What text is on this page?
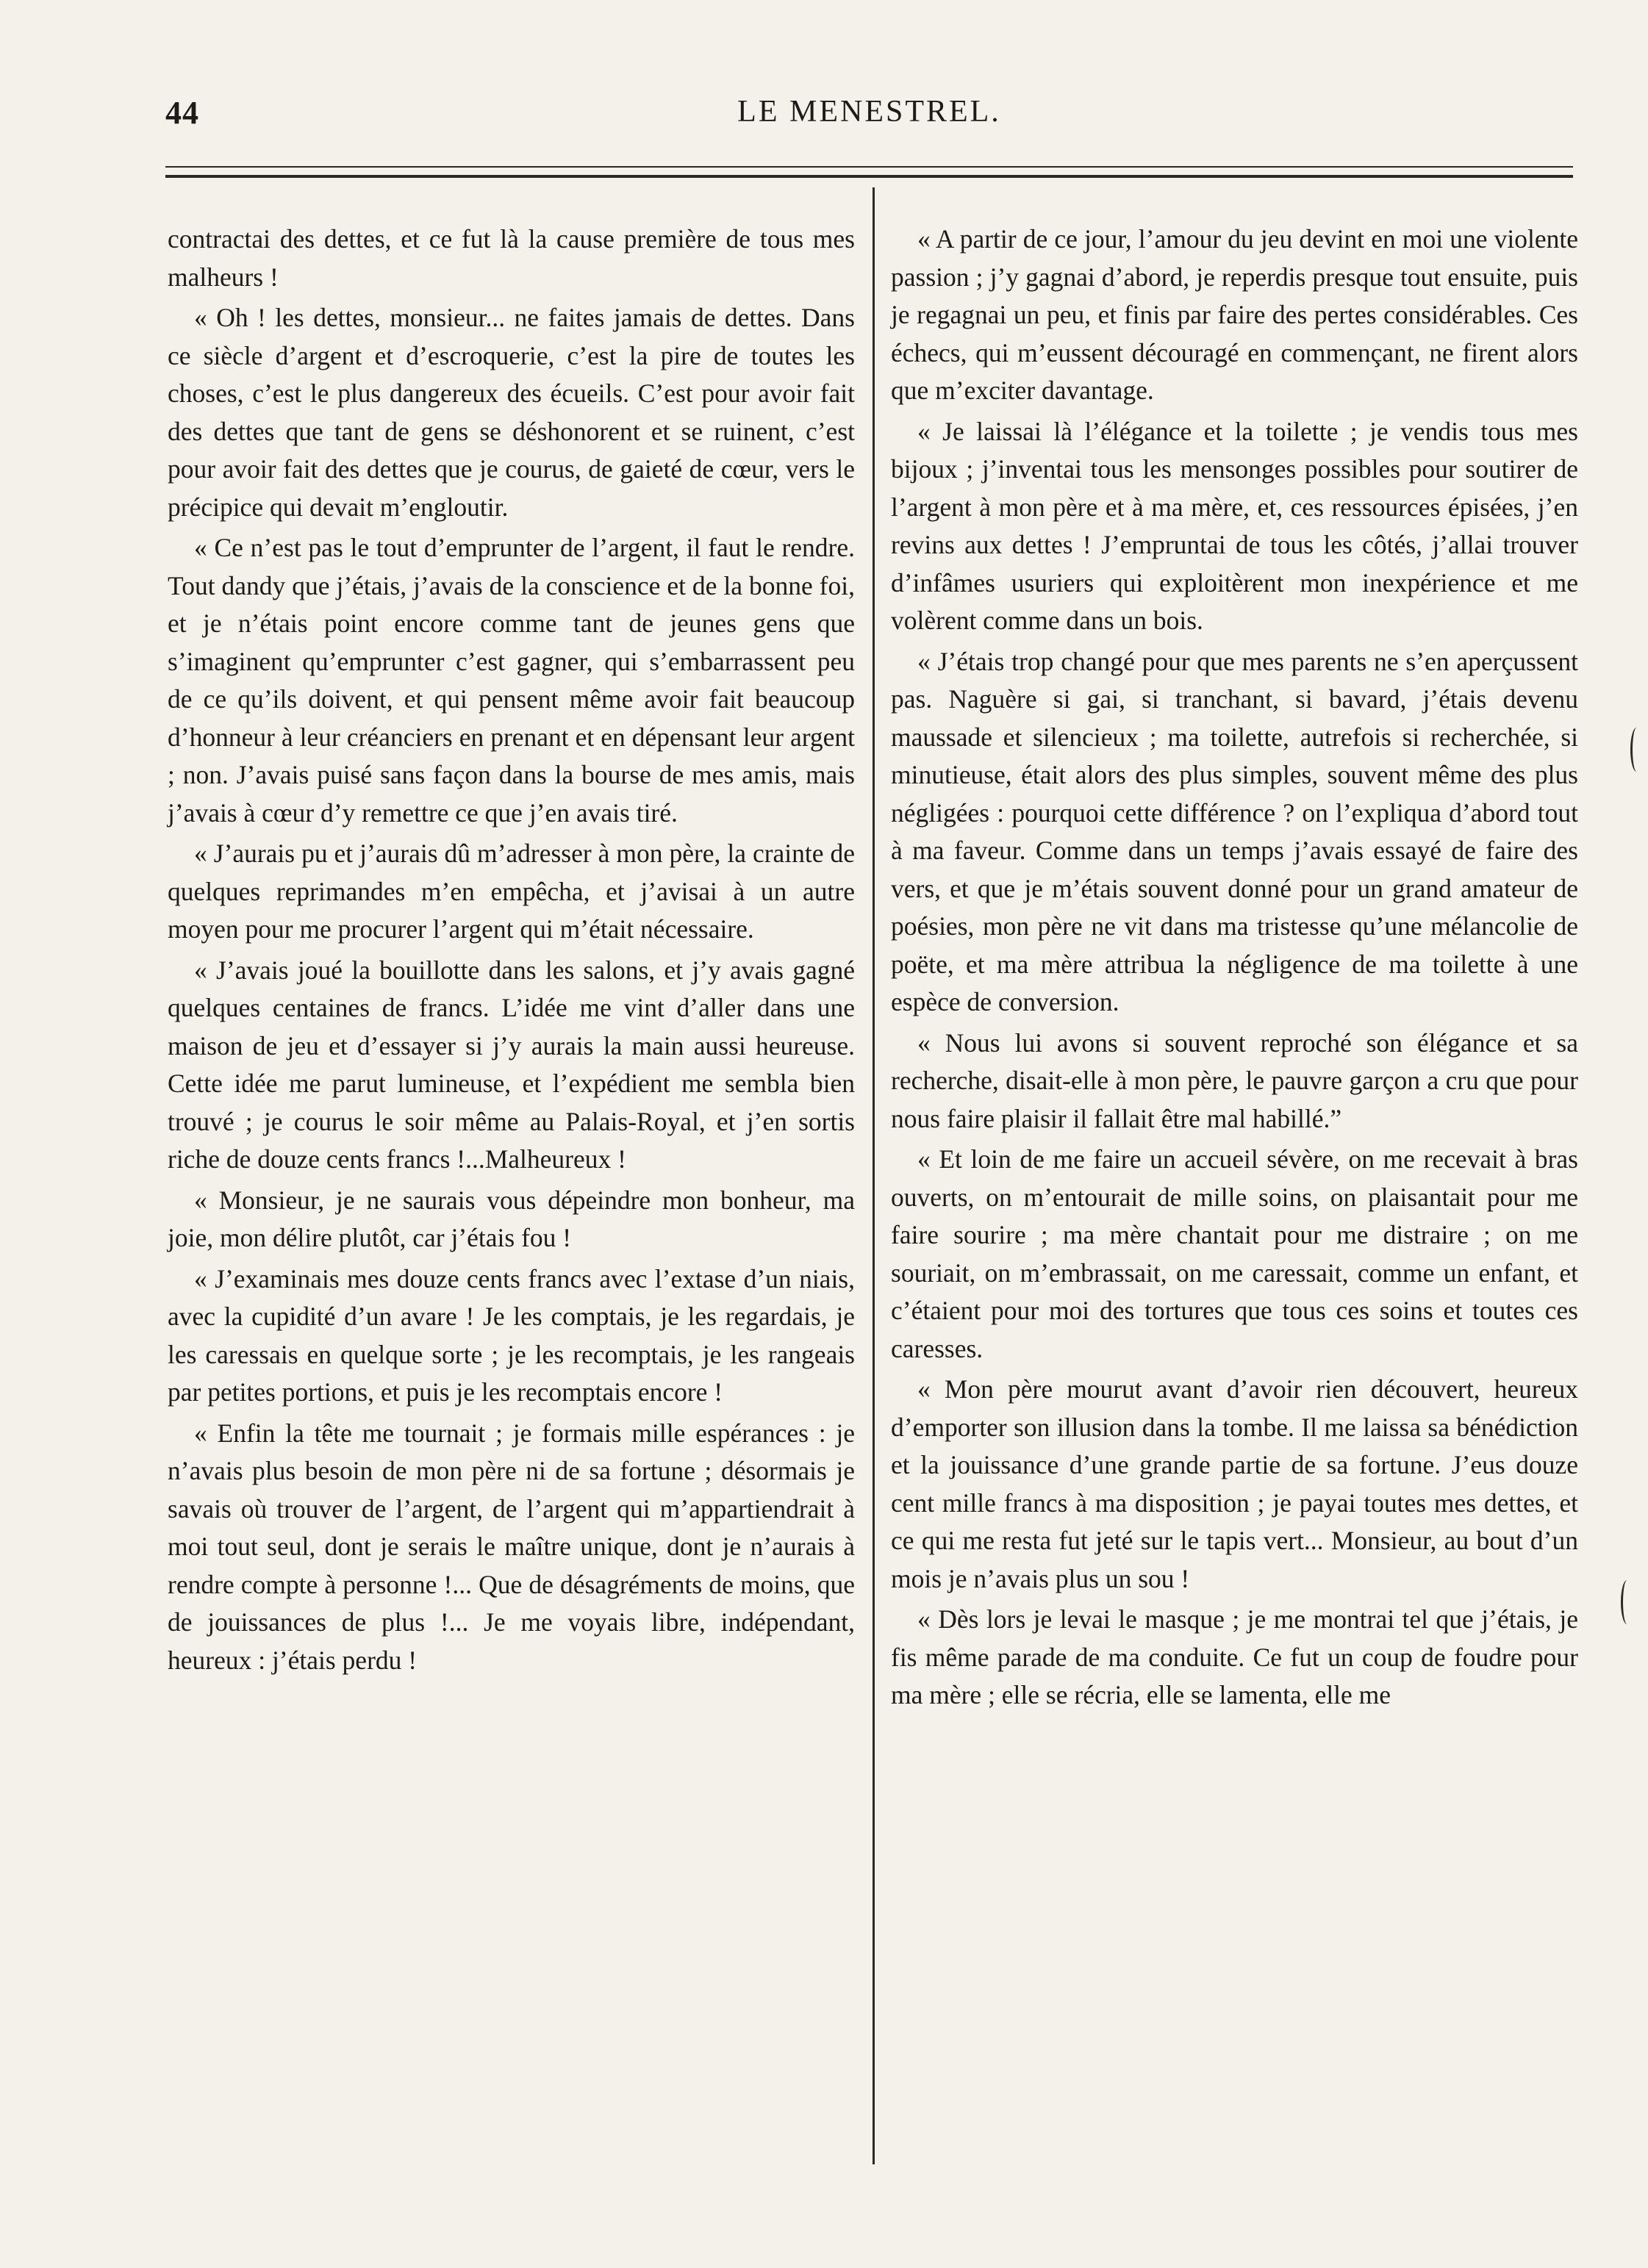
44	LE MENESTREL.

contractai des dettes, et ce fut là la cause première de tous mes malheurs !

« Oh ! les dettes, monsieur... ne faites jamais de dettes. Dans ce siècle d’argent et d’escroquerie, c’est la pire de toutes les choses, c’est le plus dangereux des écueils. C’est pour avoir fait des dettes que tant de gens se déshonorent et se ruinent, c’est pour avoir fait des dettes que je courus, de gaieté de cœur, vers le précipice qui devait m’engloutir.

« Ce n’est pas le tout d’emprunter de l’argent, il faut le rendre. Tout dandy que j’étais, j’avais de la conscience et de la bonne foi, et je n’étais point encore comme tant de jeunes gens que s’imaginent qu’emprunter c’est gagner, qui s’embarrassent peu de ce qu’ils doivent, et qui pensent même avoir fait beaucoup d’honneur à leur créanciers en prenant et en dépensant leur argent ; non. J’avais puisé sans façon dans la bourse de mes amis, mais j’avais à cœur d’y remettre ce que j’en avais tiré.

« J’aurais pu et j’aurais dû m’adresser à mon père, la crainte de quelques reprimandes m’en empêcha, et j’avisai à un autre moyen pour me procurer l’argent qui m’était nécessaire.

« J’avais joué la bouillotte dans les salons, et j’y avais gagné quelques centaines de francs. L’idée me vint d’aller dans une maison de jeu et d’essayer si j’y aurais la main aussi heureuse. Cette idée me parut lumineuse, et l’expédient me sembla bien trouvé ; je courus le soir même au Palais-Royal, et j’en sortis riche de douze cents francs !...Malheureux !

« Monsieur, je ne saurais vous dépeindre mon bonheur, ma joie, mon délire plutôt, car j’étais fou !

« J’examinais mes douze cents francs avec l’extase d’un niais, avec la cupidité d’un avare ! Je les comptais, je les regardais, je les caressais en quelque sorte ; je les recomptais, je les rangeais par petites portions, et puis je les recomptais encore !

« Enfin la tête me tournait ; je formais mille espérances : je n’avais plus besoin de mon père ni de sa fortune ; désormais je savais où trouver de l’argent, de l’argent qui m’appartiendrait à moi tout seul, dont je serais le maître unique, dont je n’aurais à rendre compte à personne !... Que de désagréments de moins, que de jouissances de plus !... Je me voyais libre, indépendant, heureux : j’étais perdu !

« A partir de ce jour, l’amour du jeu devint en moi une violente passion ; j’y gagnai d’abord, je reperdis presque tout ensuite, puis je regagnai un peu, et finis par faire des pertes considérables. Ces échecs, qui m’eussent découragé en commençant, ne firent alors que m’exciter davantage.

« Je laissai là l’élégance et la toilette ; je vendis tous mes bijoux ; j’inventai tous les mensonges possibles pour soutirer de l’argent à mon père et à ma mère, et, ces ressources épisées, j’en revins aux dettes ! J’empruntai de tous les côtés, j’allai trouver d’infâmes usuriers qui exploitèrent mon inexpérience et me volèrent comme dans un bois.

« J’étais trop changé pour que mes parents ne s’en aperçussent pas. Naguère si gai, si tranchant, si bavard, j’étais devenu maussade et silencieux ; ma toilette, autrefois si recherchée, si minutieuse, était alors des plus simples, souvent même des plus négligées : pourquoi cette différence ? on l’expliqua d’abord tout à ma faveur. Comme dans un temps j’avais essayé de faire des vers, et que je m’étais souvent donné pour un grand amateur de poésies, mon père ne vit dans ma tristesse qu’une mélancolie de poëte, et ma mère attribua la négligence de ma toilette à une espèce de conversion.

« Nous lui avons si souvent reproché son élégance et sa recherche, disait-elle à mon père, le pauvre garçon a cru que pour nous faire plaisir il fallait être mal habillé.”

« Et loin de me faire un accueil sévère, on me recevait à bras ouverts, on m’entourait de mille soins, on plaisantait pour me faire sourire ; ma mère chantait pour me distraire ; on me souriait, on m’embrassait, on me caressait, comme un enfant, et c’étaient pour moi des tortures que tous ces soins et toutes ces caresses.

« Mon père mourut avant d’avoir rien découvert, heureux d’emporter son illusion dans la tombe. Il me laissa sa bénédiction et la jouissance d’une grande partie de sa fortune. J’eus douze cent mille francs à ma disposition ; je payai toutes mes dettes, et ce qui me resta fut jeté sur le tapis vert... Monsieur, au bout d’un mois je n’avais plus un sou !

« Dès lors je levai le masque ; je me montrai tel que j’étais, je fis même parade de ma conduite. Ce fut un coup de foudre pour ma mère ; elle se récria, elle se lamenta, elle me
